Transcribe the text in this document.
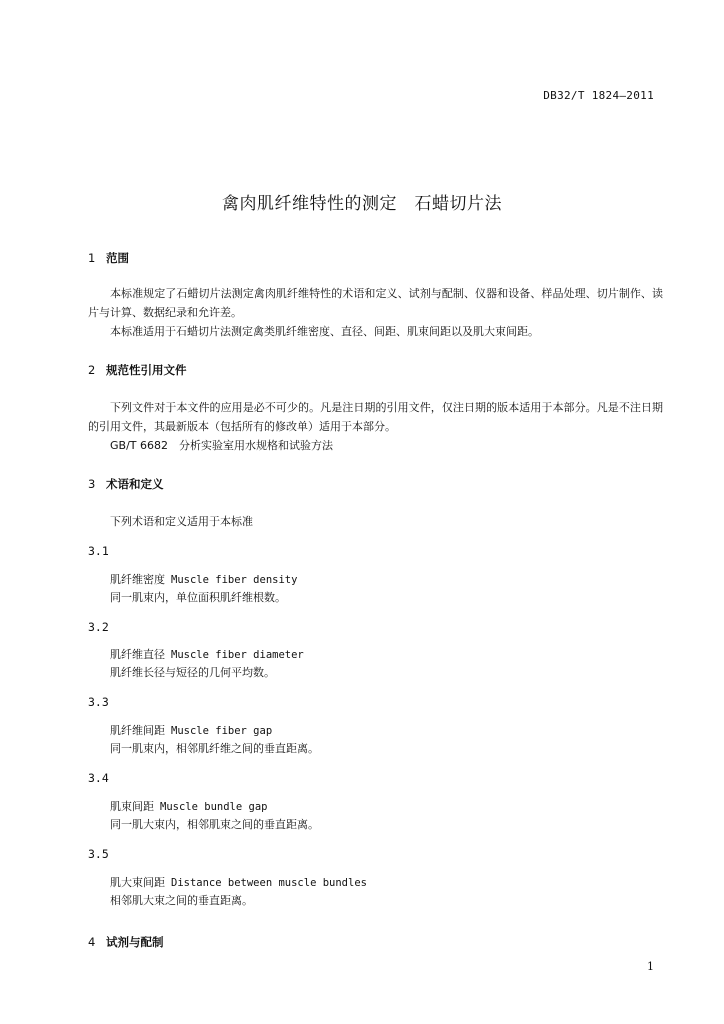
DB32/T 1824—2011
禽肉肌纤维特性的测定　石蜡切片法
1 范围

本标准规定了石蜡切片法测定禽肉肌纤维特性的术语和定义、试剂与配制、仪器和设备、样品处理、切片制作、读片与计算、数据纪录和允许差。

本标准适用于石蜡切片法测定禽类肌纤维密度、直径、间距、肌束间距以及肌大束间距。

2 规范性引用文件

下列文件对于本文件的应用是必不可少的。凡是注日期的引用文件，仅注日期的版本适用于本部分。凡是不注日期的引用文件，其最新版本（包括所有的修改单）适用于本部分。

GB/T 6682　分析实验室用水规格和试验方法

3 术语和定义
下列术语和定义适用于本标准
3.1
肌纤维密度 Muscle fiber density
同一肌束内，单位面积肌纤维根数。
3.2
肌纤维直径 Muscle fiber diameter
肌纤维长径与短径的几何平均数。
3.3
肌纤维间距 Muscle fiber gap
同一肌束内，相邻肌纤维之间的垂直距离。
3.4
肌束间距 Muscle bundle gap
同一肌大束内，相邻肌束之间的垂直距离。
3.5
肌大束间距 Distance between muscle bundles
相邻肌大束之间的垂直距离。
4 试剂与配制
1
